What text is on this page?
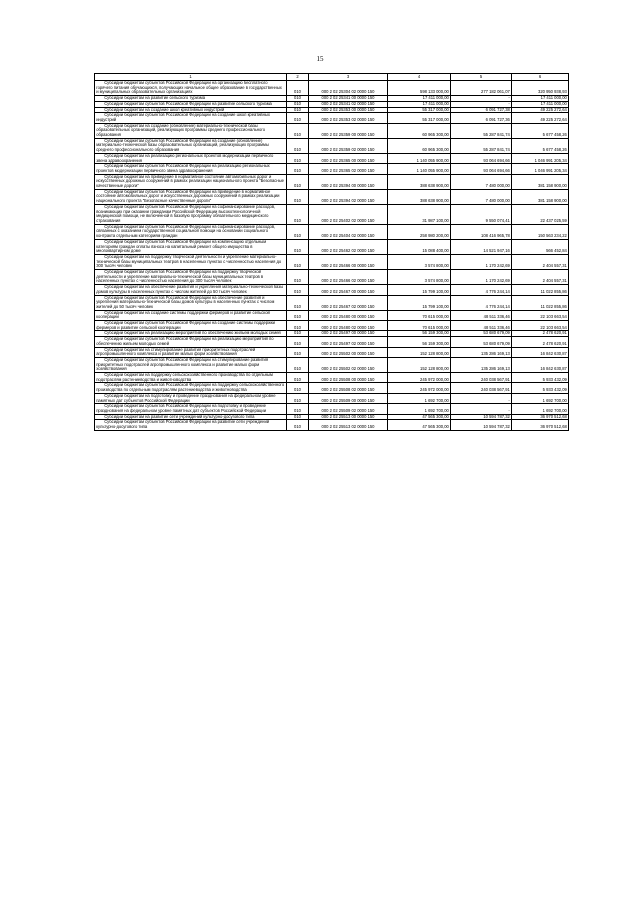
15
1	2	3	4	5	6
Субсидии бюджетам субъектов Российской Федерации на организацию бесплатного горячего питания обучающихся, получающих начальное общее образование в государственных и муниципальных образовательных организациях	010	000 2 02 25304 02 0000 150	598 133 000,00	277 182 061,07	320 950 938,93
Субсидии бюджетам на развитие сельского туризма	010	000 2 02 25341 00 0000 150	17 411 000,00	-	17 411 000,00
Субсидии бюджетам субъектов Российской Федерации на развитие сельского туризма	010	000 2 02 25341 02 0000 150	17 411 000,00	-	17 411 000,00
Субсидии бюджетам на создание школ креативных индустрий	010	000 2 02 25353 00 0000 150	55 317 000,00	6 091 727,38	49 225 272,64
Субсидии бюджетам субъектов Российской Федерации на создание школ креативных индустрий	010	000 2 02 25353 02 0000 150	55 317 000,00	6 091 727,36	49 225 272,64
Субсидии бюджетам на создание (обновление) материально-технической базы образовательных организаций, реализующих программы среднего профессионального образования	010	000 2 02 25359 00 0000 150	60 965 300,00	55 287 841,74	5 677 458,26
Субсидии бюджетам субъектов Российской Федерации на создание (обновление) материально-технической базы образовательных организаций, реализующих программы среднего профессионального образования	010	000 2 02 25359 02 0000 150	60 965 300,00	55 287 841,74	5 677 458,26
Субсидии бюджетам на реализацию региональных проектов модернизации первичного звена здравоохранения	010	000 2 02 25365 00 0000 150	1 140 055 900,00	93 064 694,66	1 046 991 205,34
Субсидии бюджетам субъектов Российской Федерации на реализацию региональных проектов модернизации первичного звена здравоохранения	010	000 2 02 25365 02 0000 150	1 140 055 900,00	93 064 694,66	1 046 991 205,34
Субсидии бюджетам на приведение в нормативное состояние автомобильных дорог и искусственных дорожных сооружений в рамках реализации национального проекта "Безопасные качественные дороги"	010	000 2 02 25394 00 0000 150	388 638 900,00	7 480 000,00	381 158 900,00
Субсидии бюджетам субъектов Российской Федерации на приведение в нормативное состояние автомобильных дорог и искусственных дорожных сооружений в рамках реализации национального проекта "Безопасные качественные дороги"	010	000 2 02 25394 02 0000 150	388 638 900,00	7 480 000,00	381 158 900,00
Субсидии бюджетам субъектов Российской Федерации на софинансирование расходов, возникающих при оказании гражданам Российской Федерации высокотехнологичной медицинской помощи, не включенной в базовую программу обязательного медицинского страхования	010	000 2 02 25402 02 0000 150	31 987 100,00	9 550 074,41	22 437 025,59
Субсидии бюджетам субъектов Российской Федерации на софинансирование расходов, связанных с оказанием государственной социальной помощи на основании социального контракта отдельным категориям граждан	010	000 2 02 25404 02 0000 150	258 980 200,00	108 416 965,78	150 563 234,22
Субсидии бюджетам субъектов Российской Федерации на компенсацию отдельным категориям граждан оплаты взноса на капитальный ремонт общего имущества в многоквартирном доме	010	000 2 02 25462 02 0000 150	15 088 400,00	14 521 947,16	566 452,84
Субсидии бюджетам на поддержку творческой деятельности и укрепление материально-технической базы муниципальных театров в населенных пунктах с численностью населения до 300 тысяч человек	010	000 2 02 25466 00 0000 150	3 574 800,00	1 170 242,69	2 404 557,31
Субсидии бюджетам субъектов Российской Федерации на поддержку творческой деятельности и укрепление материально-технической базы муниципальных театров в населенных пунктах с численностью населения до 300 тысяч человек	010	000 2 02 25466 02 0000 150	3 574 800,00	1 170 242,69	2 404 557,31
Субсидии бюджетам на обеспечение развития и укрепления материально-технической базы домов культуры в населенных пунктах с числом жителей до 50 тысяч человек	010	000 2 02 25467 00 0000 150	15 799 100,00	4 776 244,14	11 022 855,86
Субсидии бюджетам субъектов Российской Федерации на обеспечение развития и укрепления материально-технической базы домов культуры в населенных пунктах с числом жителей до 50 тысяч человек	010	000 2 02 25467 02 0000 150	15 799 100,00	4 776 244,14	11 022 855,86
Субсидии бюджетам на создание системы поддержки фермеров и развитие сельской кооперации	010	000 2 02 25480 00 0000 150	70 615 000,00	48 511 336,46	22 103 663,54
Субсидии бюджетам субъектов Российской Федерации на создание системы поддержки фермеров и развитие сельской кооперации	010	000 2 02 25480 02 0000 150	70 615 000,00	48 511 336,46	22 103 663,54
Субсидии бюджетам на реализацию мероприятий по обеспечению жильем молодых семей	010	000 2 02 25497 00 0000 150	56 159 300,00	53 680 679,09	2 478 620,91
Субсидии бюджетам субъектов Российской Федерации на реализацию мероприятий по обеспечению жильем молодых семей	010	000 2 02 25497 02 0000 150	56 159 300,00	53 680 679,09	2 478 620,91
Субсидии бюджетам на стимулирование развития приоритетных подотраслей агропромышленного комплекса и развитие малых форм хозяйствования	010	000 2 02 25502 00 0000 150	152 128 800,00	135 286 169,13	16 842 630,87
Субсидии бюджетам субъектов Российской Федерации на стимулирование развития приоритетных подотраслей агропромышленного комплекса и развитие малых форм хозяйствования	010	000 2 02 25502 02 0000 150	152 128 800,00	135 286 169,13	16 842 630,87
Субсидии бюджетам на поддержку сельскохозяйственного производства по отдельным подотраслям растениеводства и животноводства	010	000 2 02 25508 00 0000 150	245 972 000,00	240 038 567,91	5 933 432,09
Субсидии бюджетам субъектов Российской Федерации на поддержку сельскохозяйственного производства по отдельным подотраслям растениеводства и животноводства	010	000 2 02 25508 02 0000 150	245 972 000,00	240 038 567,91	5 933 432,09
Субсидии бюджетам на подготовку и проведение празднования на федеральном уровне памятных дат субъектов Российской Федерации	010	000 2 02 25509 00 0000 150	1 692 700,00	-	1 692 700,00
Субсидии бюджетам субъектов Российской Федерации на подготовку и проведение празднования на федеральном уровне памятных дат субъектов Российской Федерации	010	000 2 02 25509 02 0000 150	1 692 700,00	-	1 692 700,00
Субсидии бюджетам на развитие сети учреждений культурно-досугового типа	010	000 2 02 25513 00 0000 150	47 565 300,00	10 594 787,32	36 970 512,68
Субсидии бюджетам субъектов Российской Федерации на развитие сети учреждений культурно-досугового типа	010	000 2 02 25513 02 0000 150	47 565 300,00	10 594 787,32	36 970 512,68
